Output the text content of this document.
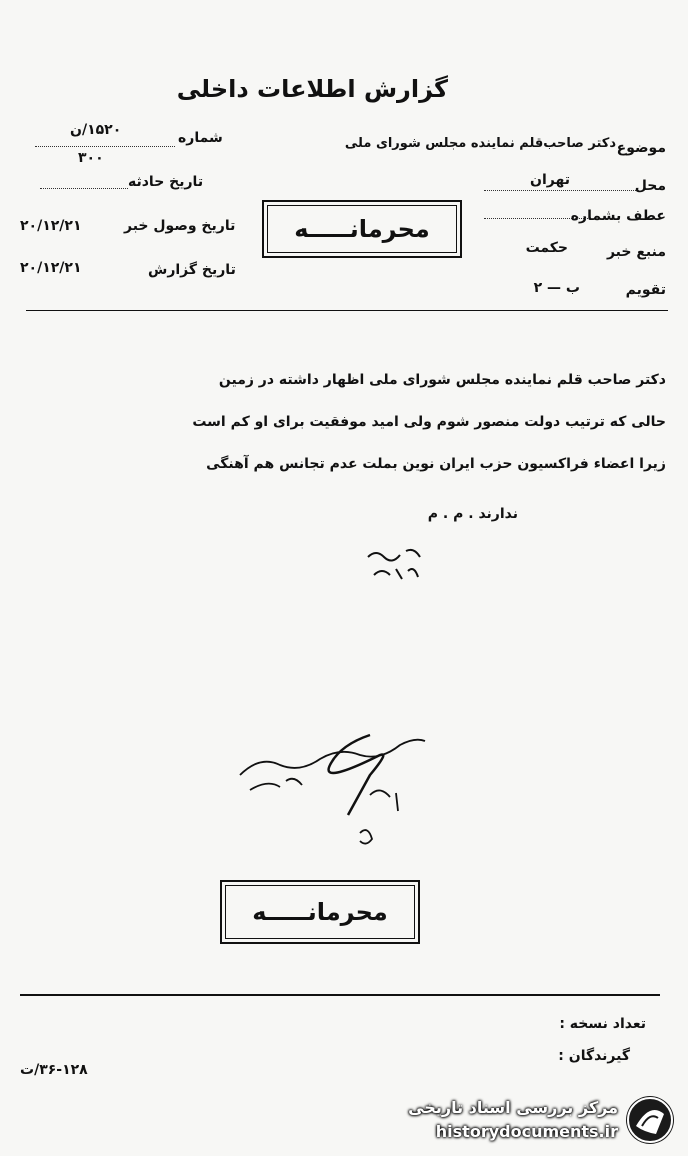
گزارش اطلاعات داخلی
شماره
۱۵۲۰/ن
۳۰۰
تاریخ حادثه
تاریخ وصول خبر
۲۰/۱۲/۲۱
تاریخ گزارش
۲۰/۱۲/۲۱
محرمانـــــه
موضوع
دکتر صاحب‌قلم نماینده مجلس شورای ملی
محل
تهران
عطف بشماره
منبع خبر
حکمت
تقویم
ب — ۲
دکتر صاحب قلم نماینده مجلس شورای ملی اظهار داشته در زمین
حالی که ترتیب دولت منصور شوم ولی امید موفقیت برای او کم است
زیرا اعضاء فراکسیون حزب ایران نوین بملت عدم تجانس هم آهنگی
ندارند . م . م
محرمانـــــه
تعداد نسخه :
گیرندگان :
۳۶-۱۲۸/ت
مرکز بررسی اسناد تاریخی
historydocuments.ir
